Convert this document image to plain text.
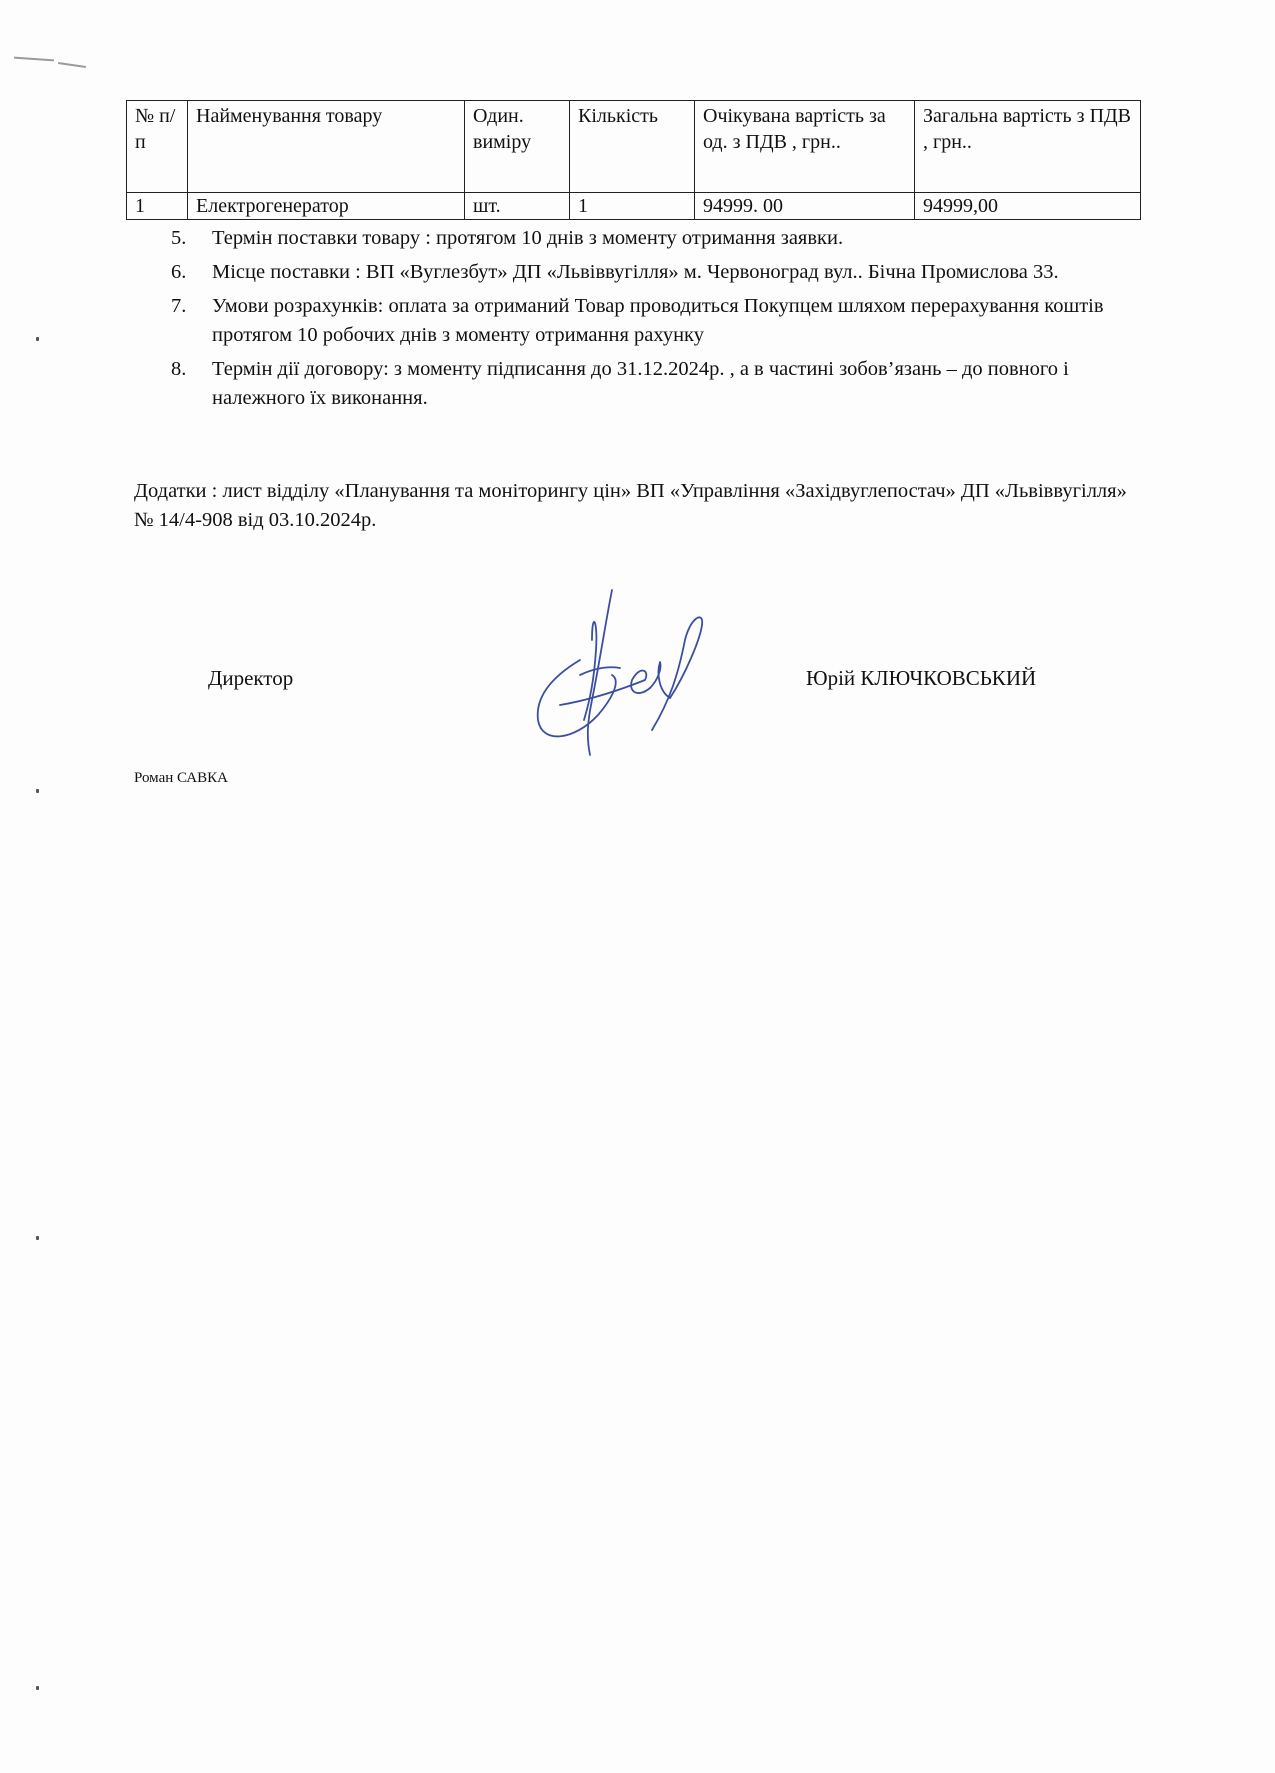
№ п/п	Найменування товару	Один. виміру	Кількість	Очікувана вартість за од. з ПДВ , грн..	Загальна вартість з ПДВ , грн..
1	Електрогенератор	шт.	1	94999. 00	94999,00
5. Термін поставки товару : протягом 10 днів з моменту отримання заявки.
6. Місце поставки : ВП «Вуглезбут» ДП «Львіввугілля» м. Червоноград вул.. Бічна Промислова 33.
7. Умови розрахунків: оплата за отриманий Товар проводиться Покупцем шляхом перерахування коштів протягом 10 робочих днів з моменту отримання рахунку
8. Термін дії договору: з моменту підписання до 31.12.2024р. , а в частині зобов’язань – до повного і належного їх виконання.

Додатки : лист відділу «Планування та моніторингу цін» ВП «Управління «Західвуглепостач» ДП «Львіввугілля» № 14/4-908 від 03.10.2024р.

Директор	Юрій КЛЮЧКОВСЬКИЙ
Роман САВКА
